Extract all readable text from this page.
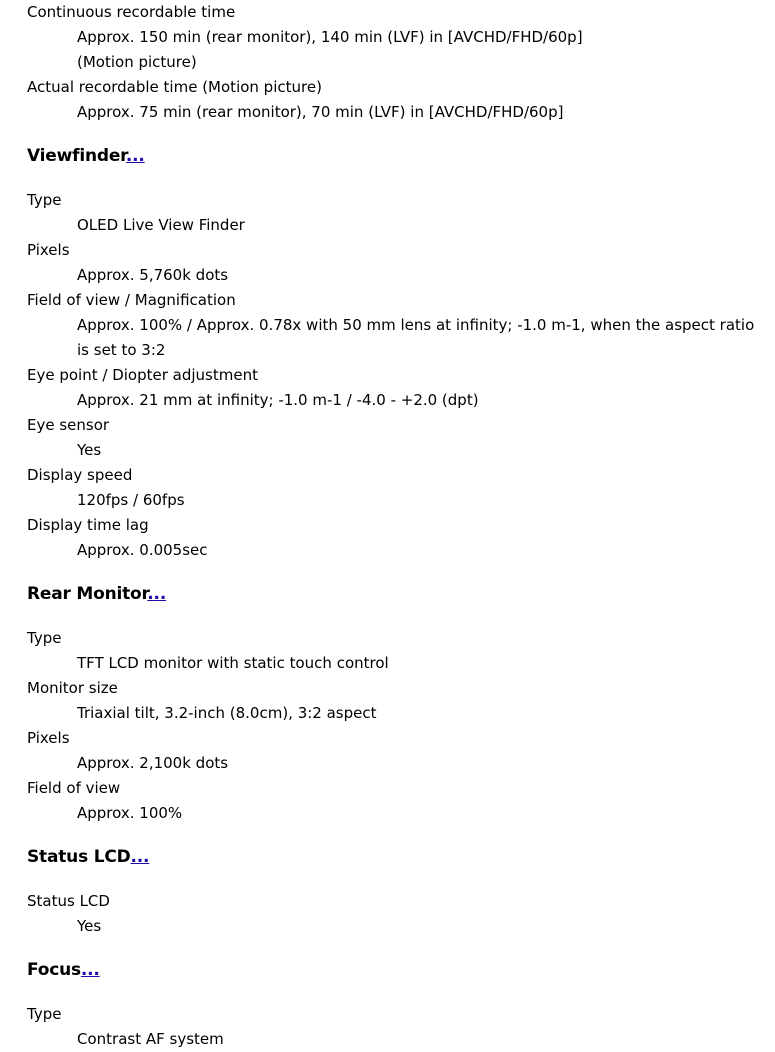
Continuous recordable time
Approx. 150 min (rear monitor), 140 min (LVF) in [AVCHD/FHD/60p]
(Motion picture)
Actual recordable time (Motion picture)
Approx. 75 min (rear monitor), 70 min (LVF) in [AVCHD/FHD/60p]
Viewfinder...
Type
OLED Live View Finder
Pixels
Approx. 5,760k dots
Field of view / Magnification
Approx. 100% / Approx. 0.78x with 50 mm lens at infinity; -1.0 m-1, when the aspect ratio is set to 3:2
Eye point / Diopter adjustment
Approx. 21 mm at infinity; -1.0 m-1 / -4.0 - +2.0 (dpt)
Eye sensor
Yes
Display speed
120fps / 60fps
Display time lag
Approx. 0.005sec
Rear Monitor...
Type
TFT LCD monitor with static touch control
Monitor size
Triaxial tilt, 3.2-inch (8.0cm), 3:2 aspect
Pixels
Approx. 2,100k dots
Field of view
Approx. 100%
Status LCD...
Status LCD
Yes
Focus...
Type
Contrast AF system
